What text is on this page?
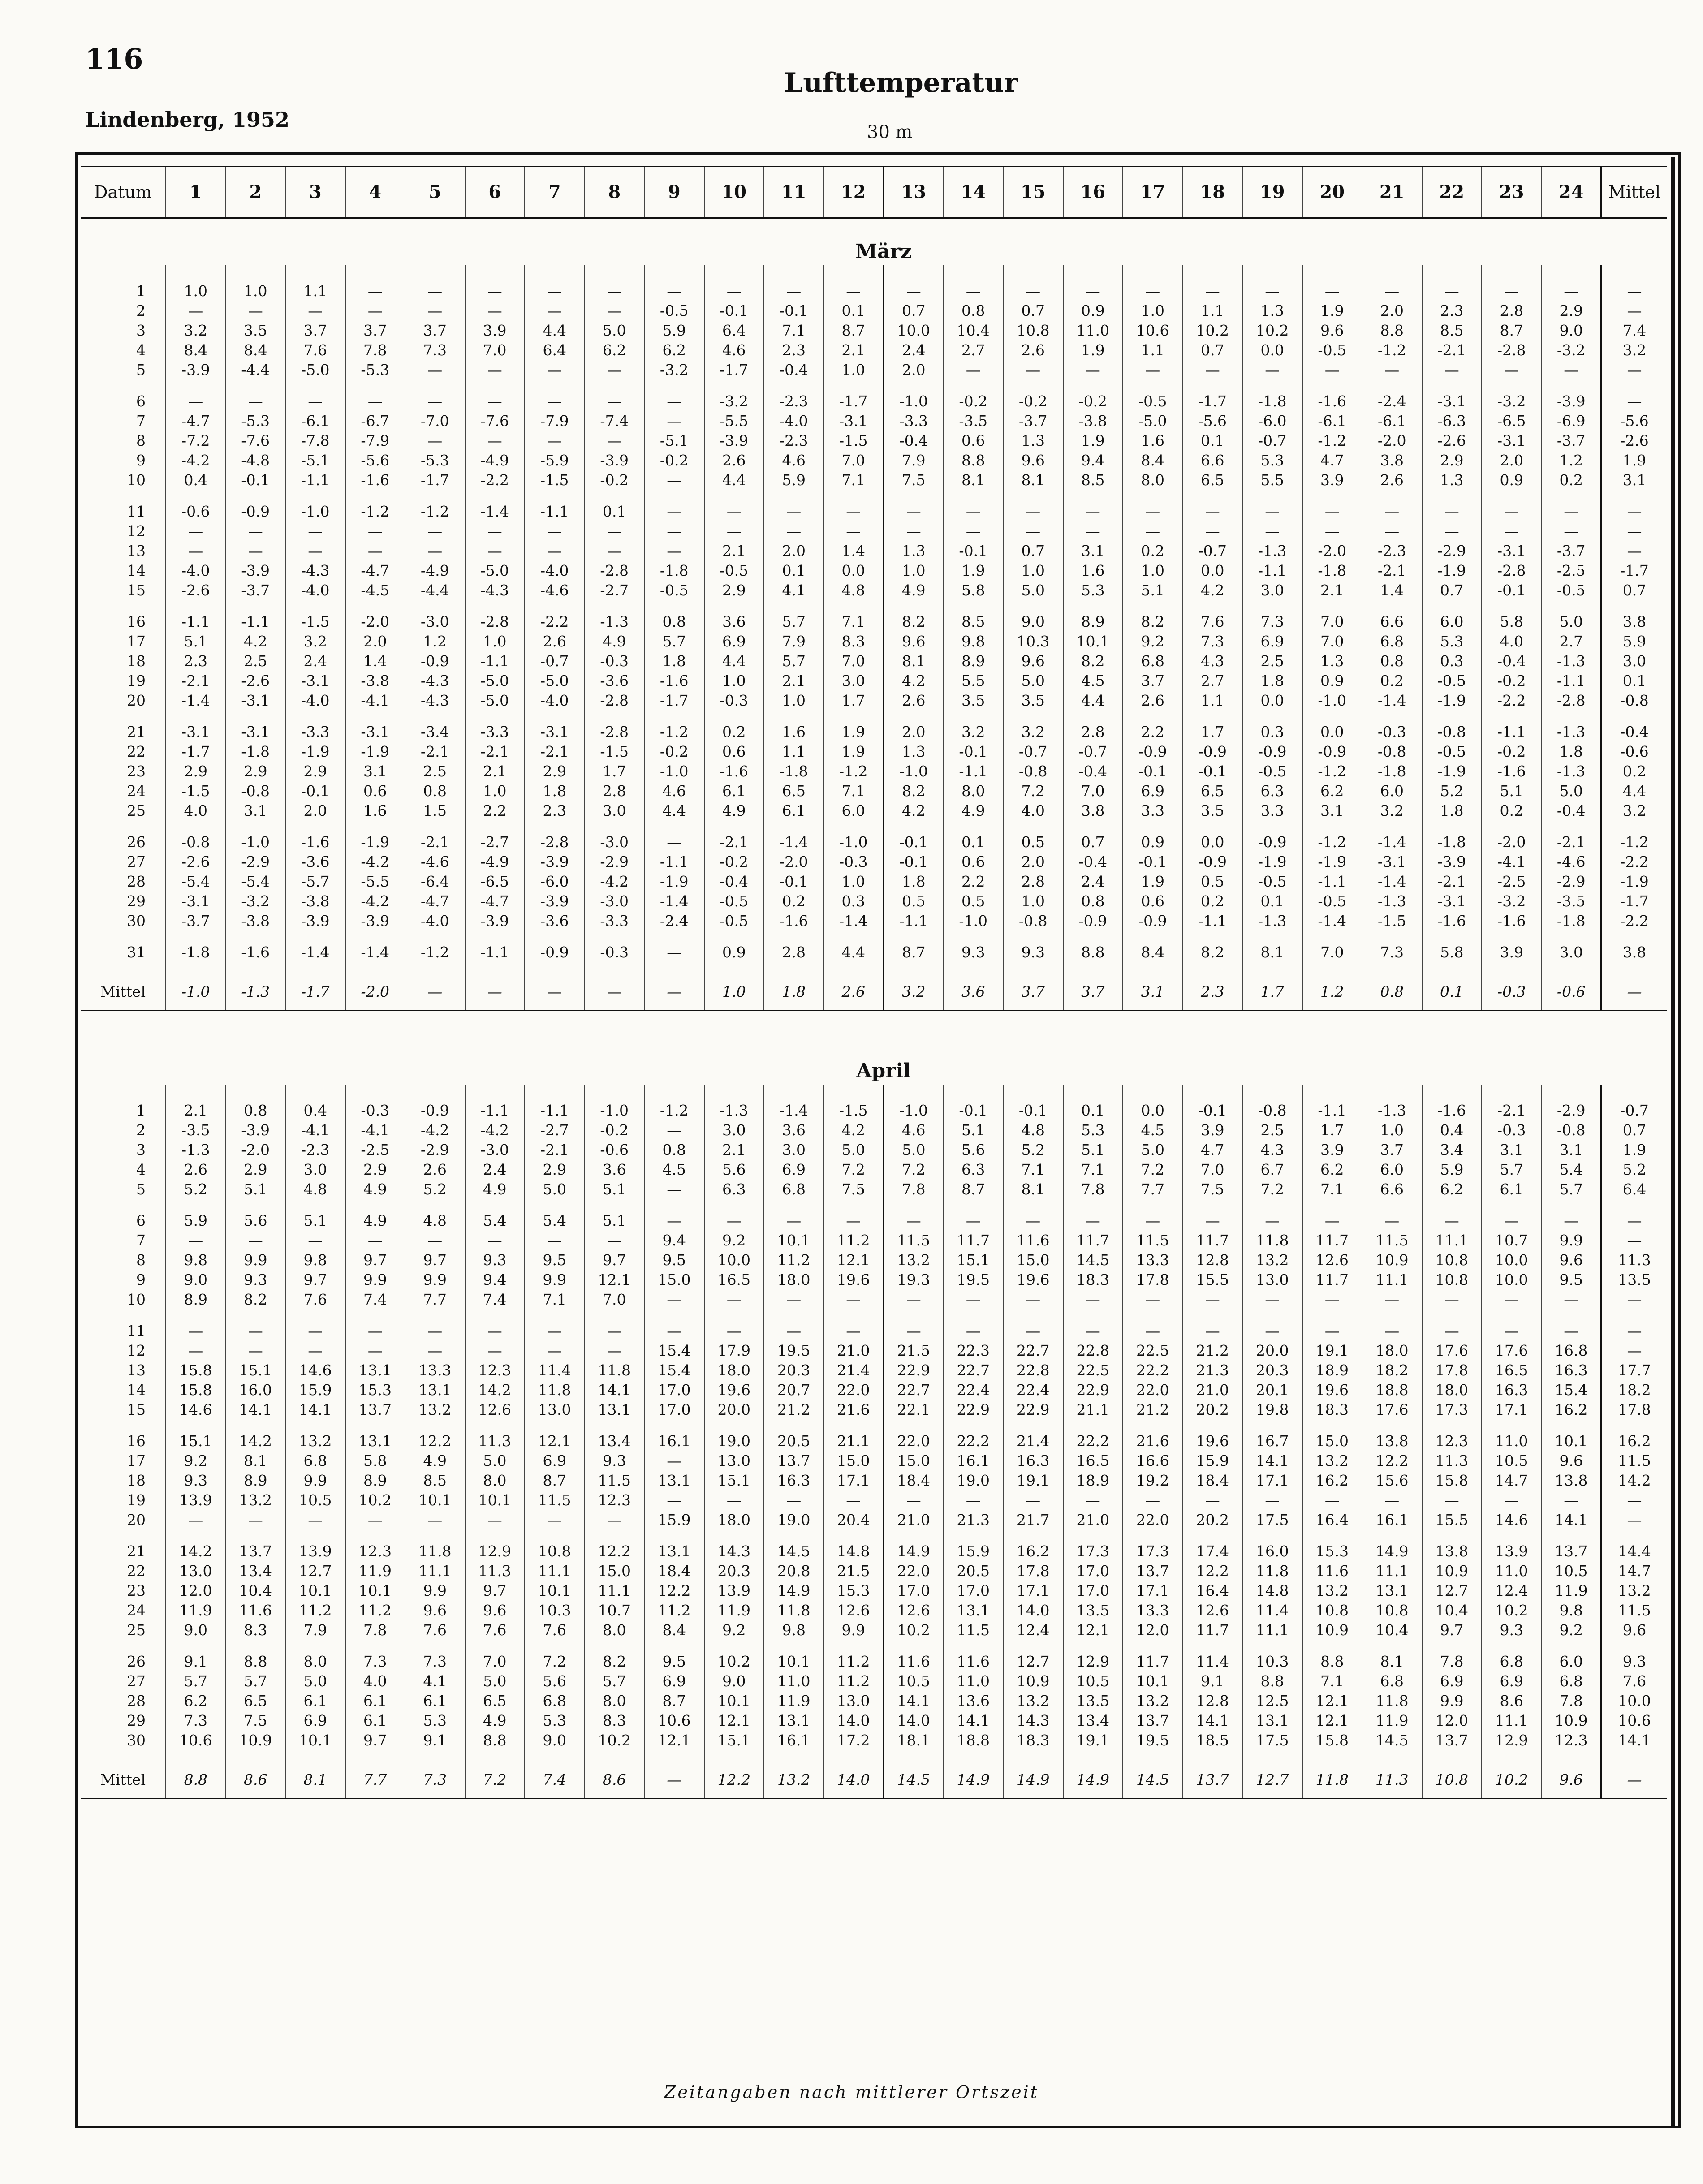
116
Lindenberg, 1952
Lufttemperatur
30 m
Datum	1	2	3	4	5	6	7	8	9	10	11	12	13	14	15	16	17	18	19	20	21	22	23	24	Mittel
												März													

1	1.0	1.0	1.1	—	—	—	—	—	—	—	—	—	—	—	—	—	—	—	—	—	—	—	—	—	—
2	—	—	—	—	—	—	—	—	-0.5	-0.1	-0.1	0.1	0.7	0.8	0.7	0.9	1.0	1.1	1.3	1.9	2.0	2.3	2.8	2.9	—
3	3.2	3.5	3.7	3.7	3.7	3.9	4.4	5.0	5.9	6.4	7.1	8.7	10.0	10.4	10.8	11.0	10.6	10.2	10.2	9.6	8.8	8.5	8.7	9.0	7.4
4	8.4	8.4	7.6	7.8	7.3	7.0	6.4	6.2	6.2	4.6	2.3	2.1	2.4	2.7	2.6	1.9	1.1	0.7	0.0	-0.5	-1.2	-2.1	-2.8	-3.2	3.2
5	-3.9	-4.4	-5.0	-5.3	—	—	—	—	-3.2	-1.7	-0.4	1.0	2.0	—	—	—	—	—	—	—	—	—	—	—	—

6	—	—	—	—	—	—	—	—	—	-3.2	-2.3	-1.7	-1.0	-0.2	-0.2	-0.2	-0.5	-1.7	-1.8	-1.6	-2.4	-3.1	-3.2	-3.9	—
7	-4.7	-5.3	-6.1	-6.7	-7.0	-7.6	-7.9	-7.4	—	-5.5	-4.0	-3.1	-3.3	-3.5	-3.7	-3.8	-5.0	-5.6	-6.0	-6.1	-6.1	-6.3	-6.5	-6.9	-5.6
8	-7.2	-7.6	-7.8	-7.9	—	—	—	—	-5.1	-3.9	-2.3	-1.5	-0.4	0.6	1.3	1.9	1.6	0.1	-0.7	-1.2	-2.0	-2.6	-3.1	-3.7	-2.6
9	-4.2	-4.8	-5.1	-5.6	-5.3	-4.9	-5.9	-3.9	-0.2	2.6	4.6	7.0	7.9	8.8	9.6	9.4	8.4	6.6	5.3	4.7	3.8	2.9	2.0	1.2	1.9
10	0.4	-0.1	-1.1	-1.6	-1.7	-2.2	-1.5	-0.2	—	4.4	5.9	7.1	7.5	8.1	8.1	8.5	8.0	6.5	5.5	3.9	2.6	1.3	0.9	0.2	3.1

11	-0.6	-0.9	-1.0	-1.2	-1.2	-1.4	-1.1	0.1	—	—	—	—	—	—	—	—	—	—	—	—	—	—	—	—	—
12	—	—	—	—	—	—	—	—	—	—	—	—	—	—	—	—	—	—	—	—	—	—	—	—	—
13	—	—	—	—	—	—	—	—	—	2.1	2.0	1.4	1.3	-0.1	0.7	3.1	0.2	-0.7	-1.3	-2.0	-2.3	-2.9	-3.1	-3.7	—
14	-4.0	-3.9	-4.3	-4.7	-4.9	-5.0	-4.0	-2.8	-1.8	-0.5	0.1	0.0	1.0	1.9	1.0	1.6	1.0	0.0	-1.1	-1.8	-2.1	-1.9	-2.8	-2.5	-1.7
15	-2.6	-3.7	-4.0	-4.5	-4.4	-4.3	-4.6	-2.7	-0.5	2.9	4.1	4.8	4.9	5.8	5.0	5.3	5.1	4.2	3.0	2.1	1.4	0.7	-0.1	-0.5	0.7

16	-1.1	-1.1	-1.5	-2.0	-3.0	-2.8	-2.2	-1.3	0.8	3.6	5.7	7.1	8.2	8.5	9.0	8.9	8.2	7.6	7.3	7.0	6.6	6.0	5.8	5.0	3.8
17	5.1	4.2	3.2	2.0	1.2	1.0	2.6	4.9	5.7	6.9	7.9	8.3	9.6	9.8	10.3	10.1	9.2	7.3	6.9	7.0	6.8	5.3	4.0	2.7	5.9
18	2.3	2.5	2.4	1.4	-0.9	-1.1	-0.7	-0.3	1.8	4.4	5.7	7.0	8.1	8.9	9.6	8.2	6.8	4.3	2.5	1.3	0.8	0.3	-0.4	-1.3	3.0
19	-2.1	-2.6	-3.1	-3.8	-4.3	-5.0	-5.0	-3.6	-1.6	1.0	2.1	3.0	4.2	5.5	5.0	4.5	3.7	2.7	1.8	0.9	0.2	-0.5	-0.2	-1.1	0.1
20	-1.4	-3.1	-4.0	-4.1	-4.3	-5.0	-4.0	-2.8	-1.7	-0.3	1.0	1.7	2.6	3.5	3.5	4.4	2.6	1.1	0.0	-1.0	-1.4	-1.9	-2.2	-2.8	-0.8

21	-3.1	-3.1	-3.3	-3.1	-3.4	-3.3	-3.1	-2.8	-1.2	0.2	1.6	1.9	2.0	3.2	3.2	2.8	2.2	1.7	0.3	0.0	-0.3	-0.8	-1.1	-1.3	-0.4
22	-1.7	-1.8	-1.9	-1.9	-2.1	-2.1	-2.1	-1.5	-0.2	0.6	1.1	1.9	1.3	-0.1	-0.7	-0.7	-0.9	-0.9	-0.9	-0.9	-0.8	-0.5	-0.2	1.8	-0.6
23	2.9	2.9	2.9	3.1	2.5	2.1	2.9	1.7	-1.0	-1.6	-1.8	-1.2	-1.0	-1.1	-0.8	-0.4	-0.1	-0.1	-0.5	-1.2	-1.8	-1.9	-1.6	-1.3	0.2
24	-1.5	-0.8	-0.1	0.6	0.8	1.0	1.8	2.8	4.6	6.1	6.5	7.1	8.2	8.0	7.2	7.0	6.9	6.5	6.3	6.2	6.0	5.2	5.1	5.0	4.4
25	4.0	3.1	2.0	1.6	1.5	2.2	2.3	3.0	4.4	4.9	6.1	6.0	4.2	4.9	4.0	3.8	3.3	3.5	3.3	3.1	3.2	1.8	0.2	-0.4	3.2

26	-0.8	-1.0	-1.6	-1.9	-2.1	-2.7	-2.8	-3.0	—	-2.1	-1.4	-1.0	-0.1	0.1	0.5	0.7	0.9	0.0	-0.9	-1.2	-1.4	-1.8	-2.0	-2.1	-1.2
27	-2.6	-2.9	-3.6	-4.2	-4.6	-4.9	-3.9	-2.9	-1.1	-0.2	-2.0	-0.3	-0.1	0.6	2.0	-0.4	-0.1	-0.9	-1.9	-1.9	-3.1	-3.9	-4.1	-4.6	-2.2
28	-5.4	-5.4	-5.7	-5.5	-6.4	-6.5	-6.0	-4.2	-1.9	-0.4	-0.1	1.0	1.8	2.2	2.8	2.4	1.9	0.5	-0.5	-1.1	-1.4	-2.1	-2.5	-2.9	-1.9
29	-3.1	-3.2	-3.8	-4.2	-4.7	-4.7	-3.9	-3.0	-1.4	-0.5	0.2	0.3	0.5	0.5	1.0	0.8	0.6	0.2	0.1	-0.5	-1.3	-3.1	-3.2	-3.5	-1.7
30	-3.7	-3.8	-3.9	-3.9	-4.0	-3.9	-3.6	-3.3	-2.4	-0.5	-1.6	-1.4	-1.1	-1.0	-0.8	-0.9	-0.9	-1.1	-1.3	-1.4	-1.5	-1.6	-1.6	-1.8	-2.2

31	-1.8	-1.6	-1.4	-1.4	-1.2	-1.1	-0.9	-0.3	—	0.9	2.8	4.4	8.7	9.3	9.3	8.8	8.4	8.2	8.1	7.0	7.3	5.8	3.9	3.0	3.8

Mittel	-1.0	-1.3	-1.7	-2.0	—	—	—	—	—	1.0	1.8	2.6	3.2	3.6	3.7	3.7	3.1	2.3	1.7	1.2	0.8	0.1	-0.3	-0.6	—

												April													

1	2.1	0.8	0.4	-0.3	-0.9	-1.1	-1.1	-1.0	-1.2	-1.3	-1.4	-1.5	-1.0	-0.1	-0.1	0.1	0.0	-0.1	-0.8	-1.1	-1.3	-1.6	-2.1	-2.9	-0.7
2	-3.5	-3.9	-4.1	-4.1	-4.2	-4.2	-2.7	-0.2	—	3.0	3.6	4.2	4.6	5.1	4.8	5.3	4.5	3.9	2.5	1.7	1.0	0.4	-0.3	-0.8	0.7
3	-1.3	-2.0	-2.3	-2.5	-2.9	-3.0	-2.1	-0.6	0.8	2.1	3.0	5.0	5.0	5.6	5.2	5.1	5.0	4.7	4.3	3.9	3.7	3.4	3.1	3.1	1.9
4	2.6	2.9	3.0	2.9	2.6	2.4	2.9	3.6	4.5	5.6	6.9	7.2	7.2	6.3	7.1	7.1	7.2	7.0	6.7	6.2	6.0	5.9	5.7	5.4	5.2
5	5.2	5.1	4.8	4.9	5.2	4.9	5.0	5.1	—	6.3	6.8	7.5	7.8	8.7	8.1	7.8	7.7	7.5	7.2	7.1	6.6	6.2	6.1	5.7	6.4

6	5.9	5.6	5.1	4.9	4.8	5.4	5.4	5.1	—	—	—	—	—	—	—	—	—	—	—	—	—	—	—	—	—
7	—	—	—	—	—	—	—	—	9.4	9.2	10.1	11.2	11.5	11.7	11.6	11.7	11.5	11.7	11.8	11.7	11.5	11.1	10.7	9.9	—
8	9.8	9.9	9.8	9.7	9.7	9.3	9.5	9.7	9.5	10.0	11.2	12.1	13.2	15.1	15.0	14.5	13.3	12.8	13.2	12.6	10.9	10.8	10.0	9.6	11.3
9	9.0	9.3	9.7	9.9	9.9	9.4	9.9	12.1	15.0	16.5	18.0	19.6	19.3	19.5	19.6	18.3	17.8	15.5	13.0	11.7	11.1	10.8	10.0	9.5	13.5
10	8.9	8.2	7.6	7.4	7.7	7.4	7.1	7.0	—	—	—	—	—	—	—	—	—	—	—	—	—	—	—	—	—

11	—	—	—	—	—	—	—	—	—	—	—	—	—	—	—	—	—	—	—	—	—	—	—	—	—
12	—	—	—	—	—	—	—	—	15.4	17.9	19.5	21.0	21.5	22.3	22.7	22.8	22.5	21.2	20.0	19.1	18.0	17.6	17.6	16.8	—
13	15.8	15.1	14.6	13.1	13.3	12.3	11.4	11.8	15.4	18.0	20.3	21.4	22.9	22.7	22.8	22.5	22.2	21.3	20.3	18.9	18.2	17.8	16.5	16.3	17.7
14	15.8	16.0	15.9	15.3	13.1	14.2	11.8	14.1	17.0	19.6	20.7	22.0	22.7	22.4	22.4	22.9	22.0	21.0	20.1	19.6	18.8	18.0	16.3	15.4	18.2
15	14.6	14.1	14.1	13.7	13.2	12.6	13.0	13.1	17.0	20.0	21.2	21.6	22.1	22.9	22.9	21.1	21.2	20.2	19.8	18.3	17.6	17.3	17.1	16.2	17.8

16	15.1	14.2	13.2	13.1	12.2	11.3	12.1	13.4	16.1	19.0	20.5	21.1	22.0	22.2	21.4	22.2	21.6	19.6	16.7	15.0	13.8	12.3	11.0	10.1	16.2
17	9.2	8.1	6.8	5.8	4.9	5.0	6.9	9.3	—	13.0	13.7	15.0	15.0	16.1	16.3	16.5	16.6	15.9	14.1	13.2	12.2	11.3	10.5	9.6	11.5
18	9.3	8.9	9.9	8.9	8.5	8.0	8.7	11.5	13.1	15.1	16.3	17.1	18.4	19.0	19.1	18.9	19.2	18.4	17.1	16.2	15.6	15.8	14.7	13.8	14.2
19	13.9	13.2	10.5	10.2	10.1	10.1	11.5	12.3	—	—	—	—	—	—	—	—	—	—	—	—	—	—	—	—	—
20	—	—	—	—	—	—	—	—	15.9	18.0	19.0	20.4	21.0	21.3	21.7	21.0	22.0	20.2	17.5	16.4	16.1	15.5	14.6	14.1	—

21	14.2	13.7	13.9	12.3	11.8	12.9	10.8	12.2	13.1	14.3	14.5	14.8	14.9	15.9	16.2	17.3	17.3	17.4	16.0	15.3	14.9	13.8	13.9	13.7	14.4
22	13.0	13.4	12.7	11.9	11.1	11.3	11.1	15.0	18.4	20.3	20.8	21.5	22.0	20.5	17.8	17.0	13.7	12.2	11.8	11.6	11.1	10.9	11.0	10.5	14.7
23	12.0	10.4	10.1	10.1	9.9	9.7	10.1	11.1	12.2	13.9	14.9	15.3	17.0	17.0	17.1	17.0	17.1	16.4	14.8	13.2	13.1	12.7	12.4	11.9	13.2
24	11.9	11.6	11.2	11.2	9.6	9.6	10.3	10.7	11.2	11.9	11.8	12.6	12.6	13.1	14.0	13.5	13.3	12.6	11.4	10.8	10.8	10.4	10.2	9.8	11.5
25	9.0	8.3	7.9	7.8	7.6	7.6	7.6	8.0	8.4	9.2	9.8	9.9	10.2	11.5	12.4	12.1	12.0	11.7	11.1	10.9	10.4	9.7	9.3	9.2	9.6

26	9.1	8.8	8.0	7.3	7.3	7.0	7.2	8.2	9.5	10.2	10.1	11.2	11.6	11.6	12.7	12.9	11.7	11.4	10.3	8.8	8.1	7.8	6.8	6.0	9.3
27	5.7	5.7	5.0	4.0	4.1	5.0	5.6	5.7	6.9	9.0	11.0	11.2	10.5	11.0	10.9	10.5	10.1	9.1	8.8	7.1	6.8	6.9	6.9	6.8	7.6
28	6.2	6.5	6.1	6.1	6.1	6.5	6.8	8.0	8.7	10.1	11.9	13.0	14.1	13.6	13.2	13.5	13.2	12.8	12.5	12.1	11.8	9.9	8.6	7.8	10.0
29	7.3	7.5	6.9	6.1	5.3	4.9	5.3	8.3	10.6	12.1	13.1	14.0	14.0	14.1	14.3	13.4	13.7	14.1	13.1	12.1	11.9	12.0	11.1	10.9	10.6
30	10.6	10.9	10.1	9.7	9.1	8.8	9.0	10.2	12.1	15.1	16.1	17.2	18.1	18.8	18.3	19.1	19.5	18.5	17.5	15.8	14.5	13.7	12.9	12.3	14.1

Mittel	8.8	8.6	8.1	7.7	7.3	7.2	7.4	8.6	—	12.2	13.2	14.0	14.5	14.9	14.9	14.9	14.5	13.7	12.7	11.8	11.3	10.8	10.2	9.6	—
Zeitangaben nach mittlerer Ortszeit
